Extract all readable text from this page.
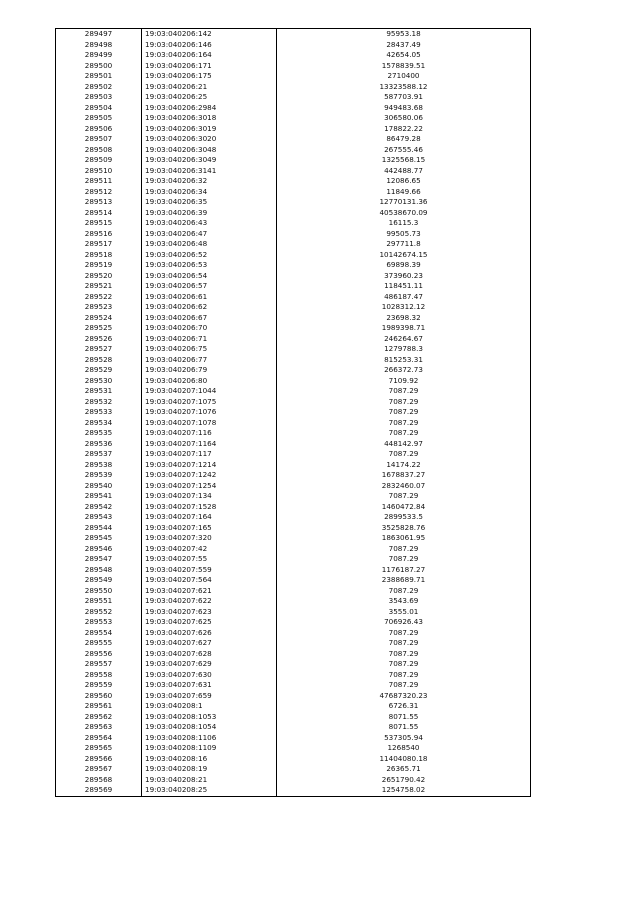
289497	19:03:040206:142	95953.18
289498	19:03:040206:146	28437.49
289499	19:03:040206:164	42654.05
289500	19:03:040206:171	1578839.51
289501	19:03:040206:175	2710400
289502	19:03:040206:21	13323588.12
289503	19:03:040206:25	587703.91
289504	19:03:040206:2984	949483.68
289505	19:03:040206:3018	306580.06
289506	19:03:040206:3019	178822.22
289507	19:03:040206:3020	86479.28
289508	19:03:040206:3048	267555.46
289509	19:03:040206:3049	1325568.15
289510	19:03:040206:3141	442488.77
289511	19:03:040206:32	12086.65
289512	19:03:040206:34	11849.66
289513	19:03:040206:35	12770131.36
289514	19:03:040206:39	40538670.09
289515	19:03:040206:43	16115.3
289516	19:03:040206:47	99505.73
289517	19:03:040206:48	297711.8
289518	19:03:040206:52	10142674.15
289519	19:03:040206:53	69898.39
289520	19:03:040206:54	373960.23
289521	19:03:040206:57	118451.11
289522	19:03:040206:61	486187.47
289523	19:03:040206:62	1028312.12
289524	19:03:040206:67	23698.32
289525	19:03:040206:70	1989398.71
289526	19:03:040206:71	246264.67
289527	19:03:040206:75	1279788.3
289528	19:03:040206:77	815253.31
289529	19:03:040206:79	266372.73
289530	19:03:040206:80	7109.92
289531	19:03:040207:1044	7087.29
289532	19:03:040207:1075	7087.29
289533	19:03:040207:1076	7087.29
289534	19:03:040207:1078	7087.29
289535	19:03:040207:116	7087.29
289536	19:03:040207:1164	448142.97
289537	19:03:040207:117	7087.29
289538	19:03:040207:1214	14174.22
289539	19:03:040207:1242	1678837.27
289540	19:03:040207:1254	2832460.07
289541	19:03:040207:134	7087.29
289542	19:03:040207:1528	1460472.84
289543	19:03:040207:164	2899533.5
289544	19:03:040207:165	3525828.76
289545	19:03:040207:320	1863061.95
289546	19:03:040207:42	7087.29
289547	19:03:040207:55	7087.29
289548	19:03:040207:559	1176187.27
289549	19:03:040207:564	2388689.71
289550	19:03:040207:621	7087.29
289551	19:03:040207:622	3543.69
289552	19:03:040207:623	3555.01
289553	19:03:040207:625	706926.43
289554	19:03:040207:626	7087.29
289555	19:03:040207:627	7087.29
289556	19:03:040207:628	7087.29
289557	19:03:040207:629	7087.29
289558	19:03:040207:630	7087.29
289559	19:03:040207:631	7087.29
289560	19:03:040207:659	47687320.23
289561	19:03:040208:1	6726.31
289562	19:03:040208:1053	8071.55
289563	19:03:040208:1054	8071.55
289564	19:03:040208:1106	537305.94
289565	19:03:040208:1109	1268540
289566	19:03:040208:16	11404080.18
289567	19:03:040208:19	26365.71
289568	19:03:040208:21	2651790.42
289569	19:03:040208:25	1254758.02
